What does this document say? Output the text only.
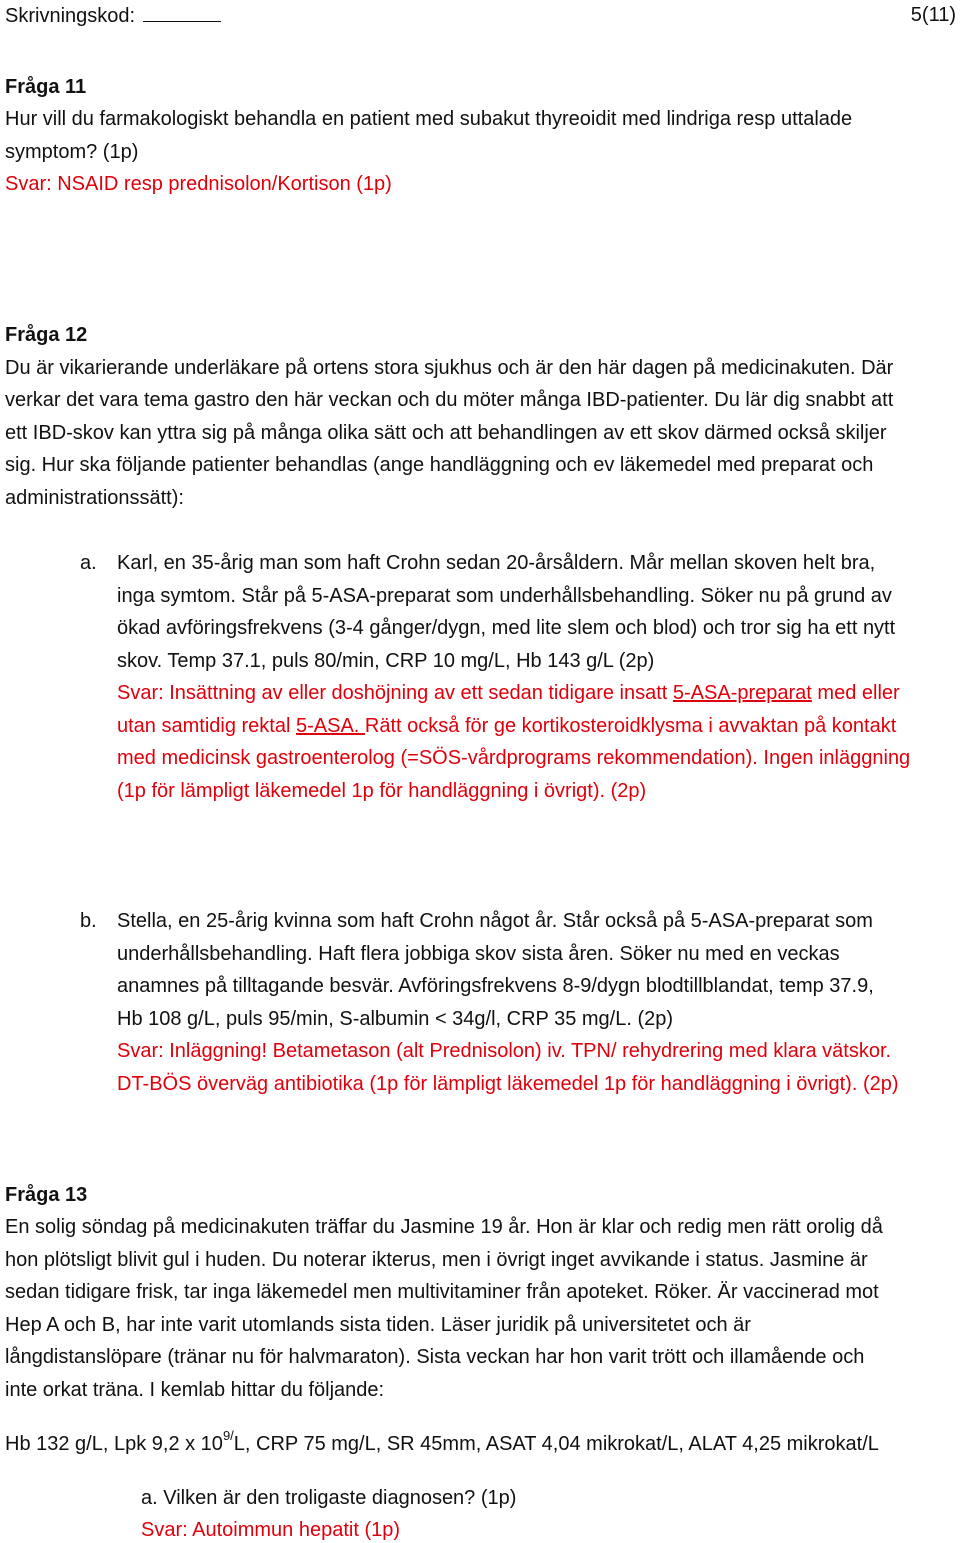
Skrivningskod:	5(11)
Fråga 11
Hur vill du farmakologiskt behandla en patient med subakut thyreoidit med lindriga resp uttalade
symptom? (1p)
Svar: NSAID resp prednisolon/Kortison (1p)
Fråga 12
Du är vikarierande underläkare på ortens stora sjukhus och är den här dagen på medicinakuten. Där
verkar det vara tema gastro den här veckan och du möter många IBD-patienter. Du lär dig snabbt att
ett IBD-skov kan yttra sig på många olika sätt och att behandlingen av ett skov därmed också skiljer
sig. Hur ska följande patienter behandlas (ange handläggning och ev läkemedel med preparat och
administrationssätt):
a. Karl, en 35-årig man som haft Crohn sedan 20-årsåldern. Mår mellan skoven helt bra,
inga symtom. Står på 5-ASA-preparat som underhållsbehandling. Söker nu på grund av
ökad avföringsfrekvens (3-4 gånger/dygn, med lite slem och blod) och tror sig ha ett nytt
skov. Temp 37.1, puls 80/min, CRP 10 mg/L, Hb 143 g/L (2p)
Svar: Insättning av eller doshöjning av ett sedan tidigare insatt 5-ASA-preparat med eller
utan samtidig rektal 5-ASA. Rätt också för ge kortikosteroidklysma i avvaktan på kontakt
med medicinsk gastroenterolog (=SÖS-vårdprograms rekommendation). Ingen inläggning
(1p för lämpligt läkemedel 1p för handläggning i övrigt). (2p)
b. Stella, en 25-årig kvinna som haft Crohn något år. Står också på 5-ASA-preparat som
underhållsbehandling. Haft flera jobbiga skov sista åren. Söker nu med en veckas
anamnes på tilltagande besvär. Avföringsfrekvens 8-9/dygn blodtillblandat, temp 37.9,
Hb 108 g/L, puls 95/min, S-albumin < 34g/l, CRP 35 mg/L. (2p)
Svar: Inläggning! Betametason (alt Prednisolon) iv. TPN/ rehydrering med klara vätskor.
DT-BÖS överväg antibiotika (1p för lämpligt läkemedel 1p för handläggning i övrigt). (2p)
Fråga 13
En solig söndag på medicinakuten träffar du Jasmine 19 år. Hon är klar och redig men rätt orolig då
hon plötsligt blivit gul i huden. Du noterar ikterus, men i övrigt inget avvikande i status. Jasmine är
sedan tidigare frisk, tar inga läkemedel men multivitaminer från apoteket. Röker. Är vaccinerad mot
Hep A och B, har inte varit utomlands sista tiden. Läser juridik på universitetet och är
långdistanslöpare (tränar nu för halvmaraton). Sista veckan har hon varit trött och illamående och
inte orkat träna. I kemlab hittar du följande:
Hb 132 g/L, Lpk 9,2 x $10^{9/}L$, CRP 75 mg/L, SR 45mm, ASAT 4,04 mikrokat/L, ALAT 4,25 mikrokat/L
a. Vilken är den troligaste diagnosen? (1p)
Svar: Autoimmun hepatit (1p)
